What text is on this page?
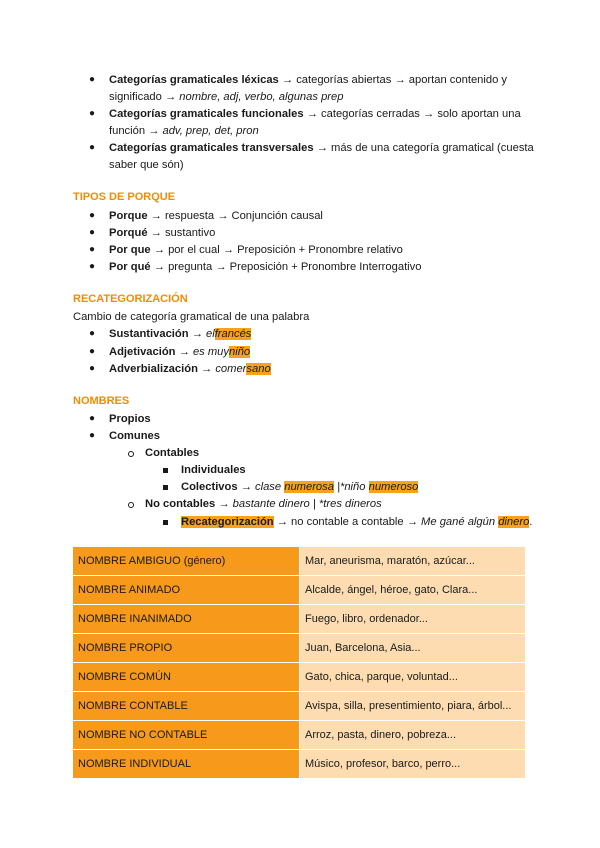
● Categorías gramaticales léxicas → categorías abiertas → aportan contenido y
significado → nombre, adj, verbo, algunas prep
● Categorías gramaticales funcionales → categorías cerradas → solo aportan una
función → adv, prep, det, pron
● Categorías gramaticales transversales → más de una categoría gramatical (cuesta
saber que són)
TIPOS DE PORQUE
● Porque → respuesta → Conjunción causal
● Porqué → sustantivo
● Por que → por el cual → Preposición + Pronombre relativo
● Por qué → pregunta → Preposición + Pronombre Interrogativo
RECATEGORIZACIÓN
Cambio de categoría gramatical de una palabra
● Sustantivación → elfrancés
● Adjetivación → es muyniño
● Adverbialización → comersano
NOMBRES
● Propios
● Comunes
Contables
Individuales
Colectivos → clase numerosa |*niño numeroso
No contables → bastante dinero | *tres dineros
Recategorización → no contable a contable → Me gané algún dinero.
NOMBRE AMBIGUO (género)	Mar, aneurisma, maratón, azúcar...
NOMBRE ANIMADO	Alcalde, ángel, héroe, gato, Clara...
NOMBRE INANIMADO	Fuego, libro, ordenador...
NOMBRE PROPIO	Juan, Barcelona, Asia...
NOMBRE COMÚN	Gato, chica, parque, voluntad...
NOMBRE CONTABLE	Avispa, silla, presentimiento, piara, árbol...
NOMBRE NO CONTABLE	Arroz, pasta, dinero, pobreza...
NOMBRE INDIVIDUAL	Músico, profesor, barco, perro...
